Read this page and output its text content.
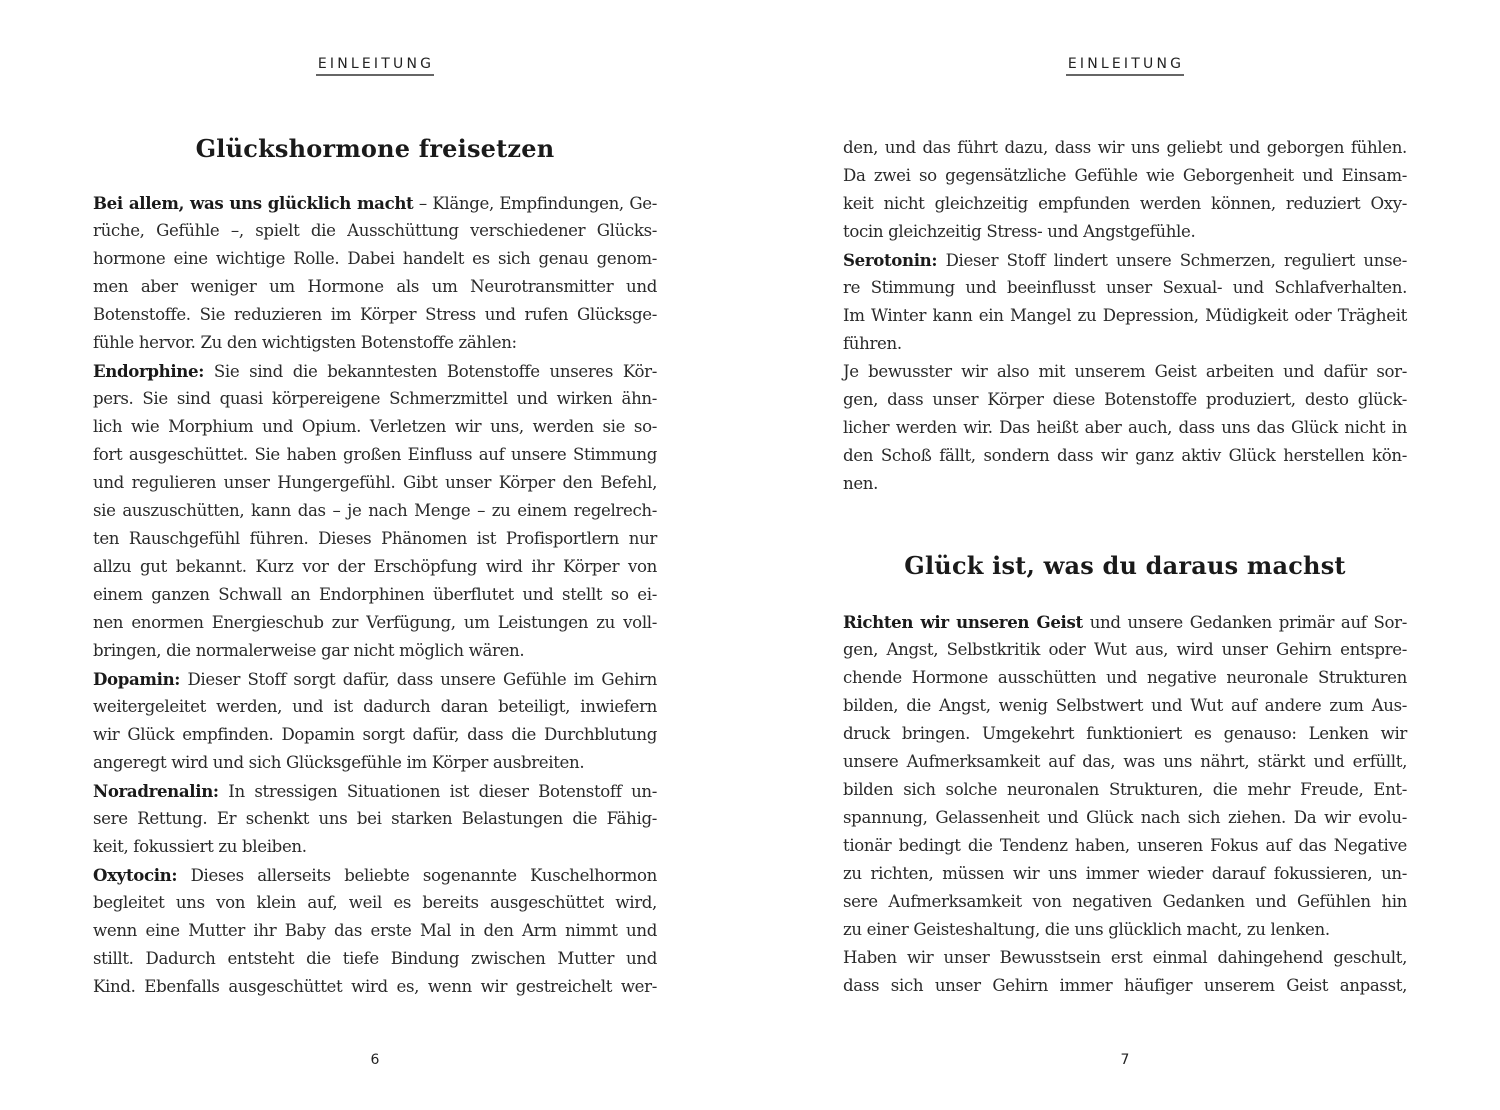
EINLEITUNG
Glückshormone freisetzen
Bei allem, was uns glücklich macht – Klänge, Empfindungen, Ge-
rüche, Gefühle –, spielt die Ausschüttung verschiedener Glücks-
hormone eine wichtige Rolle. Dabei handelt es sich genau genom-
men aber weniger um Hormone als um Neurotransmitter und
Botenstoffe. Sie reduzieren im Körper Stress und rufen Glücksge-
fühle hervor. Zu den wichtigsten Botenstoffe zählen:
Endorphine: Sie sind die bekanntesten Botenstoffe unseres Kör-
pers. Sie sind quasi körpereigene Schmerzmittel und wirken ähn-
lich wie Morphium und Opium. Verletzen wir uns, werden sie so-
fort ausgeschüttet. Sie haben großen Einfluss auf unsere Stimmung
und regulieren unser Hungergefühl. Gibt unser Körper den Befehl,
sie auszuschütten, kann das – je nach Menge – zu einem regelrech-
ten Rauschgefühl führen. Dieses Phänomen ist Profisportlern nur
allzu gut bekannt. Kurz vor der Erschöpfung wird ihr Körper von
einem ganzen Schwall an Endorphinen überflutet und stellt so ei-
nen enormen Energieschub zur Verfügung, um Leistungen zu voll-
bringen, die normalerweise gar nicht möglich wären.
Dopamin: Dieser Stoff sorgt dafür, dass unsere Gefühle im Gehirn
weitergeleitet werden, und ist dadurch daran beteiligt, inwiefern
wir Glück empfinden. Dopamin sorgt dafür, dass die Durchblutung
angeregt wird und sich Glücksgefühle im Körper ausbreiten.
Noradrenalin: In stressigen Situationen ist dieser Botenstoff un-
sere Rettung. Er schenkt uns bei starken Belastungen die Fähig-
keit, fokussiert zu bleiben.
Oxytocin: Dieses allerseits beliebte sogenannte Kuschelhormon
begleitet uns von klein auf, weil es bereits ausgeschüttet wird,
wenn eine Mutter ihr Baby das erste Mal in den Arm nimmt und
stillt. Dadurch entsteht die tiefe Bindung zwischen Mutter und
Kind. Ebenfalls ausgeschüttet wird es, wenn wir gestreichelt wer-
6
EINLEITUNG
den, und das führt dazu, dass wir uns geliebt und geborgen fühlen.
Da zwei so gegensätzliche Gefühle wie Geborgenheit und Einsam-
keit nicht gleichzeitig empfunden werden können, reduziert Oxy-
tocin gleichzeitig Stress- und Angstgefühle.
Serotonin: Dieser Stoff lindert unsere Schmerzen, reguliert unse-
re Stimmung und beeinflusst unser Sexual- und Schlafverhalten.
Im Winter kann ein Mangel zu Depression, Müdigkeit oder Trägheit
führen.
Je bewusster wir also mit unserem Geist arbeiten und dafür sor-
gen, dass unser Körper diese Botenstoffe produziert, desto glück-
licher werden wir. Das heißt aber auch, dass uns das Glück nicht in
den Schoß fällt, sondern dass wir ganz aktiv Glück herstellen kön-
nen.
Glück ist, was du daraus machst
Richten wir unseren Geist und unsere Gedanken primär auf Sor-
gen, Angst, Selbstkritik oder Wut aus, wird unser Gehirn entspre-
chende Hormone ausschütten und negative neuronale Strukturen
bilden, die Angst, wenig Selbstwert und Wut auf andere zum Aus-
druck bringen. Umgekehrt funktioniert es genauso: Lenken wir
unsere Aufmerksamkeit auf das, was uns nährt, stärkt und erfüllt,
bilden sich solche neuronalen Strukturen, die mehr Freude, Ent-
spannung, Gelassenheit und Glück nach sich ziehen. Da wir evolu-
tionär bedingt die Tendenz haben, unseren Fokus auf das Negative
zu richten, müssen wir uns immer wieder darauf fokussieren, un-
sere Aufmerksamkeit von negativen Gedanken und Gefühlen hin
zu einer Geisteshaltung, die uns glücklich macht, zu lenken.
Haben wir unser Bewusstsein erst einmal dahingehend geschult,
dass sich unser Gehirn immer häufiger unserem Geist anpasst,
7
